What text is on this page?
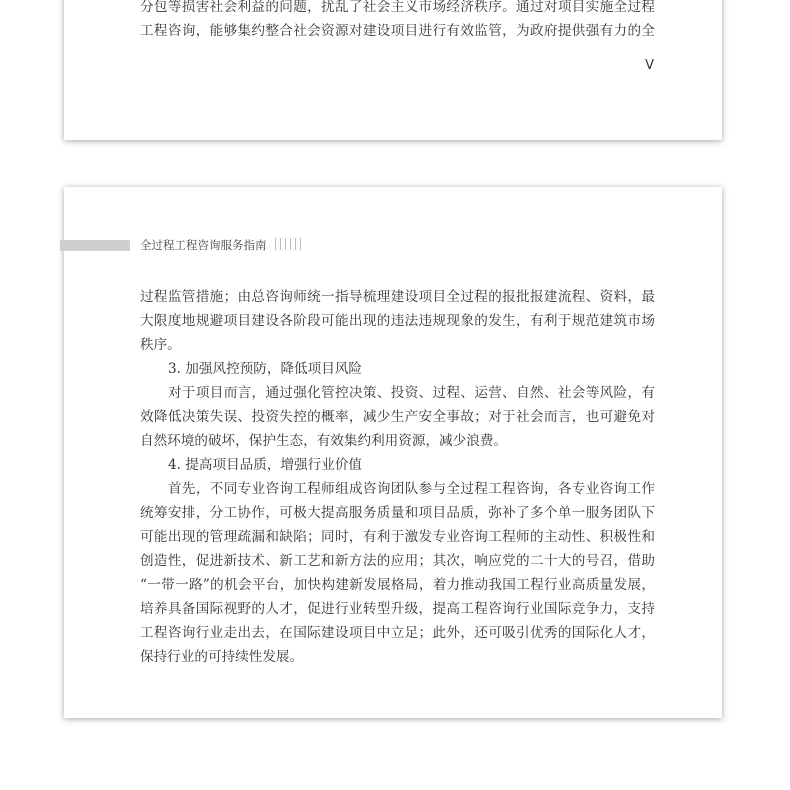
分包等损害社会利益的问题，扰乱了社会主义市场经济秩序。通过对项目实施全过程
工程咨询，能够集约整合社会资源对建设项目进行有效监管，为政府提供强有力的全
V
全过程工程咨询服务指南
过程监管措施；由总咨询师统一指导梳理建设项目全过程的报批报建流程、资料，最
大限度地规避项目建设各阶段可能出现的违法违规现象的发生，有利于规范建筑市场
秩序。
3. 加强风控预防，降低项目风险
对于项目而言，通过强化管控决策、投资、过程、运营、自然、社会等风险，有
效降低决策失误、投资失控的概率，减少生产安全事故；对于社会而言，也可避免对
自然环境的破坏，保护生态，有效集约利用资源，减少浪费。
4. 提高项目品质，增强行业价值
首先，不同专业咨询工程师组成咨询团队参与全过程工程咨询，各专业咨询工作
统筹安排，分工协作，可极大提高服务质量和项目品质，弥补了多个单一服务团队下
可能出现的管理疏漏和缺陷；同时，有利于激发专业咨询工程师的主动性、积极性和
创造性，促进新技术、新工艺和新方法的应用；其次，响应党的二十大的号召，借助
“一带一路”的机会平台，加快构建新发展格局，着力推动我国工程行业高质量发展，
培养具备国际视野的人才，促进行业转型升级，提高工程咨询行业国际竞争力，支持
工程咨询行业走出去，在国际建设项目中立足；此外，还可吸引优秀的国际化人才，
保持行业的可持续性发展。
